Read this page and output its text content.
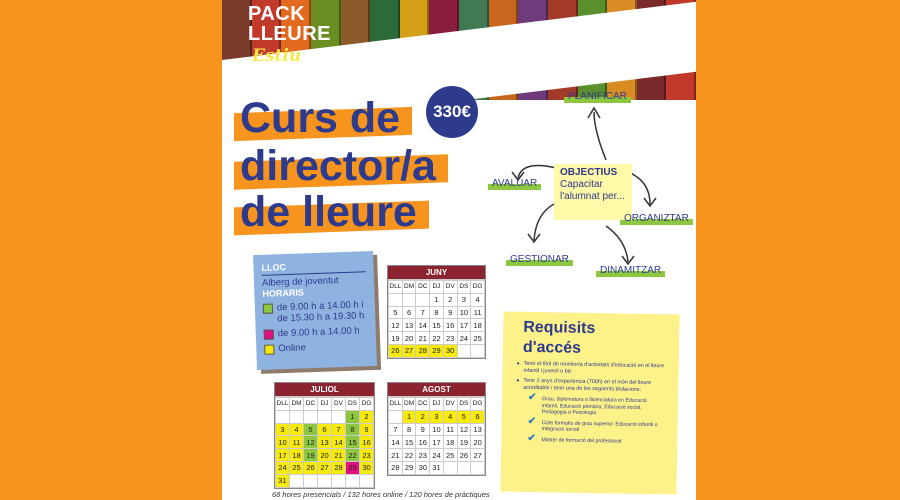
PACK
LLEURE
Estiu
2023
330€
Curs de
director/a
de lleure
PLANIFICAR
AVALUAR
ORGANIZTAR
GESTIONAR
DINAMITZAR
OBJECTIUS
Capacitar l'alumnat per...
LLOC
Alberg de joventut
HORARIS
de 9.00 h a 14.00 h i de 15.30 h a 19.30 h
de 9.00 h a 14.00 h
Online
JUNY
DLL	DM	DC	DJ	DV	DS	DG
			1	2	3	4
5	6	7	8	9	10	11
12	13	14	15	16	17	18
19	20	21	22	23	24	25
26	27	28	29	30		
JULIOL
DLL	DM	DC	DJ	DV	DS	DG
					1	2
3	4	5	6	7	8	9
10	11	12	13	14	15	16
17	18	19	20	21	22	23
24	25	26	27	28	29	30
31						
AGOST
DLL	DM	DC	DJ	DV	DS	DG
	1	2	3	4	5	6
7	8	9	10	11	12	13
14	15	16	17	18	19	20
21	22	23	24	25	26	27
28	29	30	31			
Requisits
d'accés

● Tenir el títol de monitor/a d'activitats d'educació en el lleure infantil i juvenil o bé:

● Tenir 2 anys d'experiència (700h) en el món del lleure acreditable i tenir una de les següents titulacions:

✔ Grau, diplomatura o llicenciatura en Educació infantil, Educació primària, Educació social, Pedagogia o Psicologia
✔ Cicle formatiu de grau superior: Educació infantil o Integració social
✔ Màster de formació del professorat
68 hores presencials / 132 hores online / 120 hores de pràctiques
